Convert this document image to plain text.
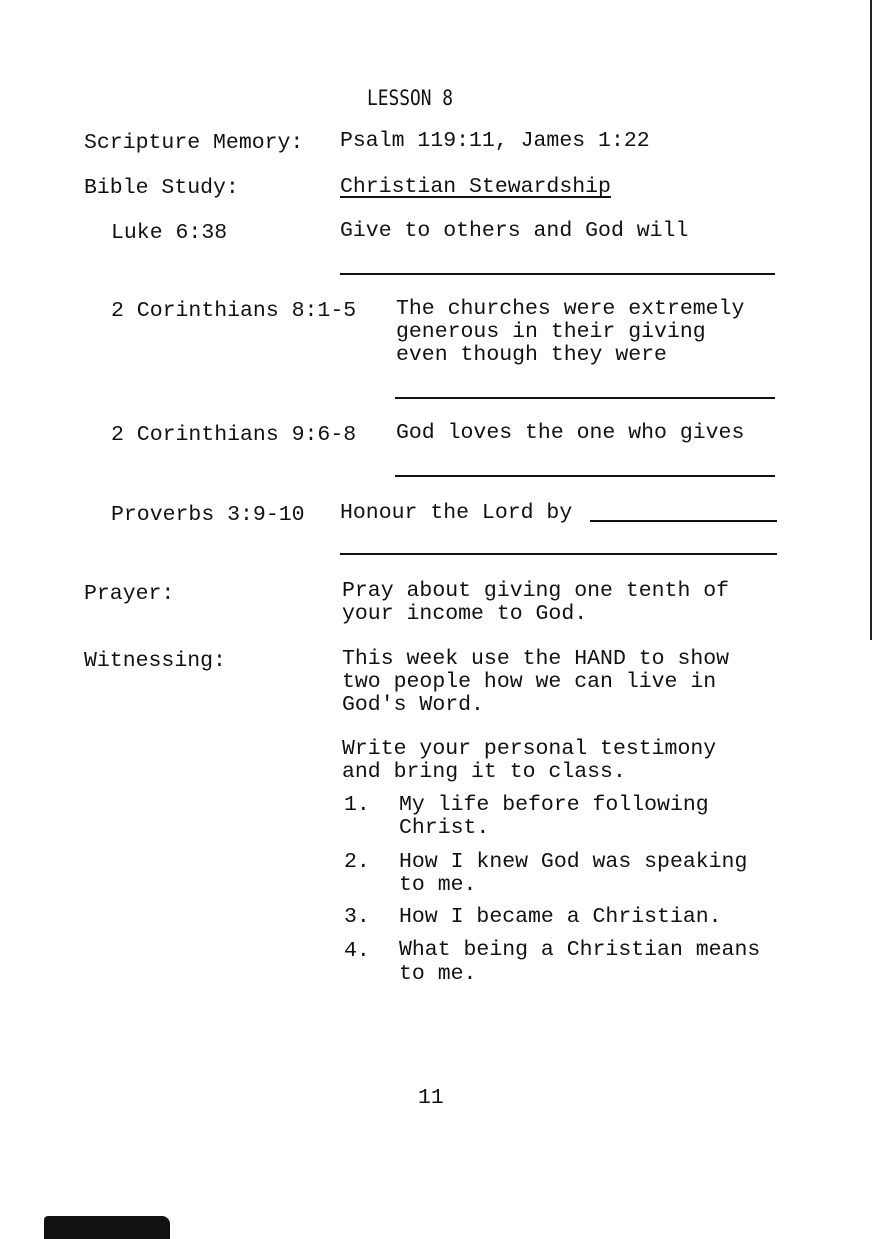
LESSON 8
Scripture Memory: Psalm 119:11, James 1:22
Bible Study:	Christian Stewardship
Luke 6:38	Give to others and God will
2 Corinthians 8:1-5 The churches were extremely
generous in their giving
even though they were
2 Corinthians 9:6-8 God loves the one who gives
Proverbs 3:9-10 Honour the Lord by
Prayer:	Pray about giving one tenth of
your income to God.
Witnessing:	This week use the HAND to show
two people how we can live in
God's Word.
Write your personal testimony
and bring it to class.
1. My life before following
Christ.
2. How I knew God was speaking
to me.
3. How I became a Christian.
4. What being a Christian means
to me.
11
